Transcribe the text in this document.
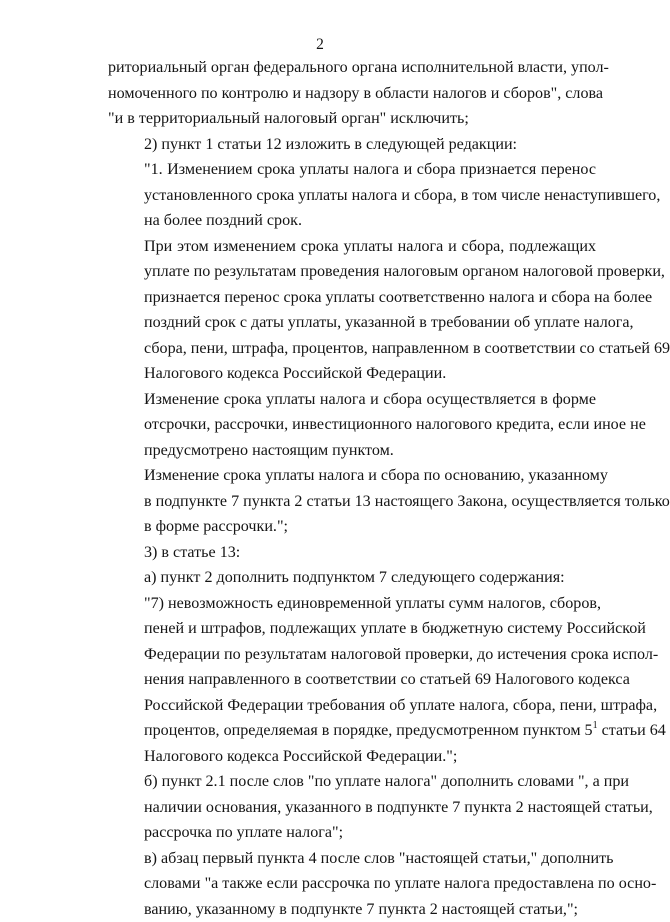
2
риториальный орган федерального органа исполнительной власти, упол-
номоченного по контролю и надзору в области налогов и сборов", слова
"и в территориальный налоговый орган" исключить;
2) пункт 1 статьи 12 изложить в следующей редакции:
"1. Изменением срока уплаты налога и сбора признается перенос
установленного срока уплаты налога и сбора, в том числе ненаступившего,
на более поздний срок.
При этом изменением срока уплаты налога и сбора, подлежащих
уплате по результатам проведения налоговым органом налоговой проверки,
признается перенос срока уплаты соответственно налога и сбора на более
поздний срок с даты уплаты, указанной в требовании об уплате налога,
сбора, пени, штрафа, процентов, направленном в соответствии со статьей 69
Налогового кодекса Российской Федерации.
Изменение срока уплаты налога и сбора осуществляется в форме
отсрочки, рассрочки, инвестиционного налогового кредита, если иное не
предусмотрено настоящим пунктом.
Изменение срока уплаты налога и сбора по основанию, указанному
в подпункте 7 пункта 2 статьи 13 настоящего Закона, осуществляется только
в форме рассрочки.";
3) в статье 13:
а) пункт 2 дополнить подпунктом 7 следующего содержания:
"7) невозможность единовременной уплаты сумм налогов, сборов,
пеней и штрафов, подлежащих уплате в бюджетную систему Российской
Федерации по результатам налоговой проверки, до истечения срока испол-
нения направленного в соответствии со статьей 69 Налогового кодекса
Российской Федерации требования об уплате налога, сбора, пени, штрафа,
процентов, определяемая в порядке, предусмотренном пунктом $5^1$ статьи 64
Налогового кодекса Российской Федерации.";
б) пункт 2.1 после слов "по уплате налога" дополнить словами ", а при
наличии основания, указанного в подпункте 7 пункта 2 настоящей статьи,
рассрочка по уплате налога";
в) абзац первый пункта 4 после слов "настоящей статьи," дополнить
словами "а также если рассрочка по уплате налога предоставлена по осно-
ванию, указанному в подпункте 7 пункта 2 настоящей статьи,";
